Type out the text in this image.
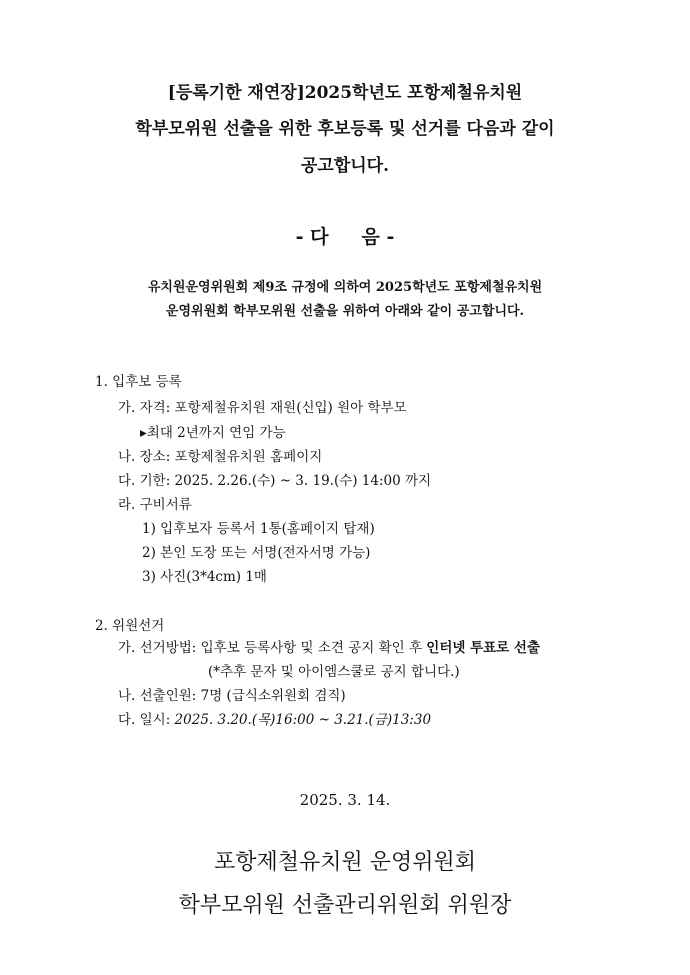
[등록기한 재연장]2025학년도 포항제철유치원
학부모위원 선출을 위한 후보등록 및 선거를 다음과 같이
공고합니다.
- 다     음 -
유치원운영위원회 제9조 규정에 의하여 2025학년도 포항제철유치원
운영위원회 학부모위원 선출을 위하여 아래와 같이 공고합니다.
1. 입후보 등록
가. 자격: 포항제철유치원 재원(신입) 원아 학부모
▸최대 2년까지 연임 가능
나. 장소: 포항제철유치원 홈페이지
다. 기한: 2025. 2.26.(수) ~ 3. 19.(수) 14:00 까지
라. 구비서류
1) 입후보자 등록서 1통(홈페이지 탑재)
2) 본인 도장 또는 서명(전자서명 가능)
3) 사진(3*4cm) 1매
2. 위원선거
가. 선거방법: 입후보 등록사항 및 소견 공지 확인 후 인터넷 투표로 선출
(*추후 문자 및 아이엠스쿨로 공지 합니다.)
나. 선출인원: 7명 (급식소위원회 겸직)
다. 일시: 2025. 3.20.(목)16:00 ~ 3.21.(금)13:30
2025. 3. 14.
포항제철유치원 운영위원회
학부모위원 선출관리위원회 위원장
